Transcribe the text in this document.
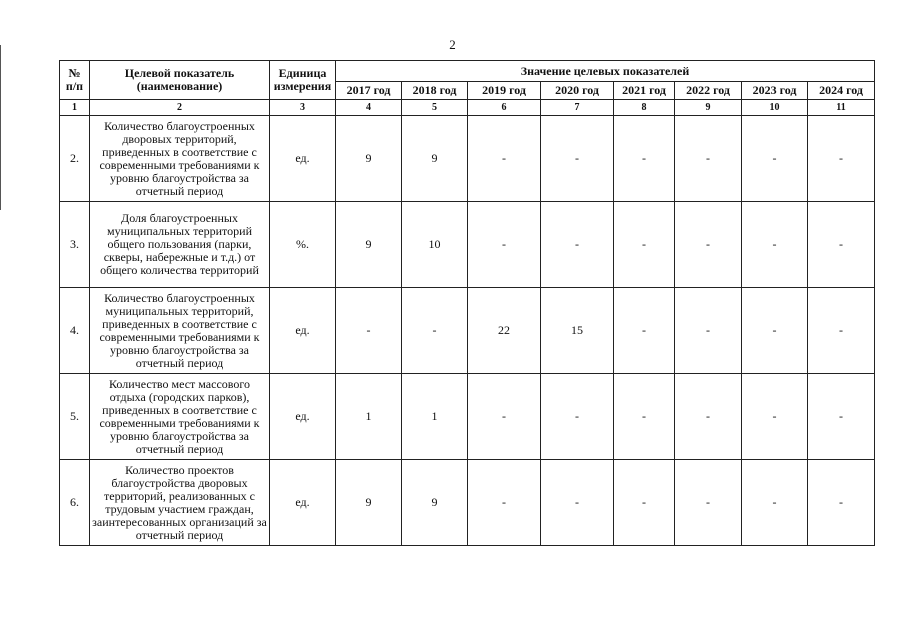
2
№ п/п	Целевой показатель (наименование)	Единица измерения	Значение целевых показателей							
			2017 год	2018 год	2019 год	2020 год	2021 год	2022 год	2023 год	2024 год
1	2	3	4	5	6	7	8	9	10	11
2.	Количество благоустроенных дворовых территорий, приведенных в соответствие с современными требованиями к уровню благоустройства за отчетный период	ед.	9	9	-	-	-	-	-	-
3.	Доля благоустроенных муниципальных территорий общего пользования (парки, скверы, набережные и т.д.) от общего количества территорий	%.	9	10	-	-	-	-	-	-
4.	Количество благоустроенных муниципальных территорий, приведенных в соответствие с современными требованиями к уровню благоустройства за отчетный период	ед.	-	-	22	15	-	-	-	-
5.	Количество мест массового отдыха (городских парков), приведенных в соответствие с современными требованиями к уровню благоустройства за отчетный период	ед.	1	1	-	-	-	-	-	-
6.	Количество проектов благоустройства дворовых территорий, реализованных с трудовым участием граждан, заинтересованных организаций за отчетный период	ед.	9	9	-	-	-	-	-	-
